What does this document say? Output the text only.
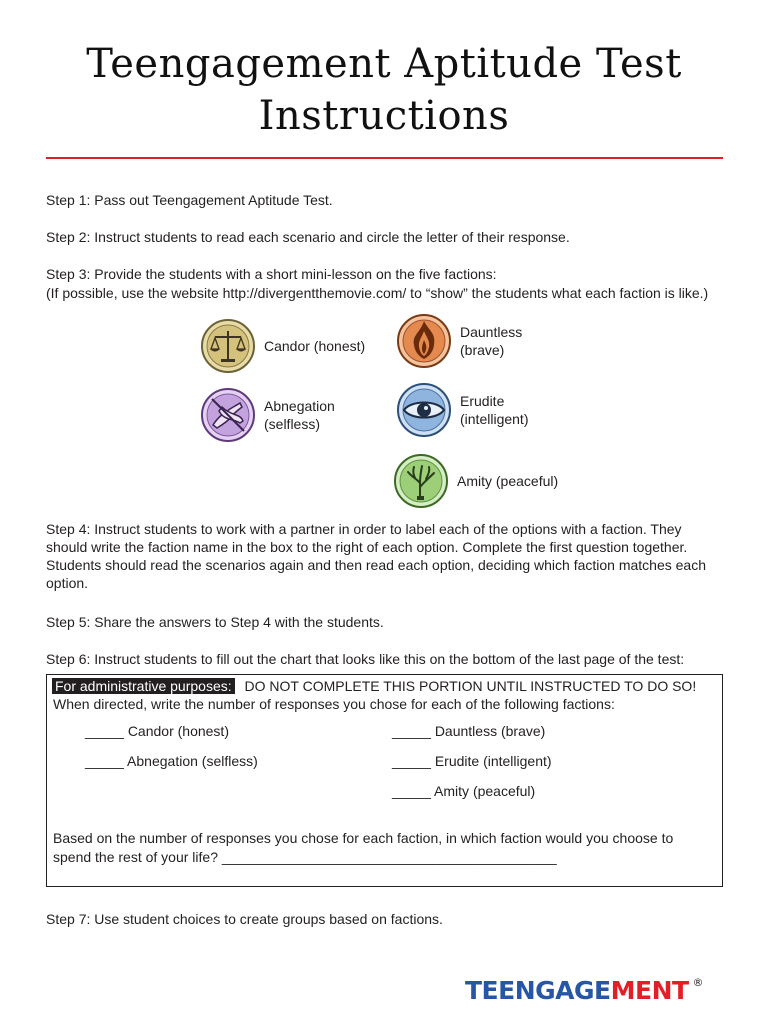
Teengagement Aptitude Test
Instructions
Step 1: Pass out Teengagement Aptitude Test.
Step 2: Instruct students to read each scenario and circle the letter of their response.
Step 3: Provide the students with a short mini-lesson on the five factions:
(If possible, use the website http://divergentthemovie.com/ to “show” the students what each faction is like.)
Candor (honest)
Dauntless
(brave)
Abnegation
(selfless)
Erudite
(intelligent)
Amity (peaceful)
Step 4: Instruct students to work with a partner in order to label each of the options with a faction. They should write the faction name in the box to the right of each option. Complete the first question together. Students should read the scenarios again and then read each option, deciding which faction matches each option.
Step 5: Share the answers to Step 4 with the students.
Step 6: Instruct students to fill out the chart that looks like this on the bottom of the last page of the test:
For administrative purposes: DO NOT COMPLETE THIS PORTION UNTIL INSTRUCTED TO DO SO!
When directed, write the number of responses you chose for each of the following factions:
_____ Candor (honest)
_____ Abnegation (selfless)
_____ Dauntless (brave)
_____ Erudite (intelligent)
_____ Amity (peaceful)
Based on the number of responses you chose for each faction, in which faction would you choose to
spend the rest of your life? ___________________________________________
Step 7: Use student choices to create groups based on factions.
TEENGAGEMENT ®
